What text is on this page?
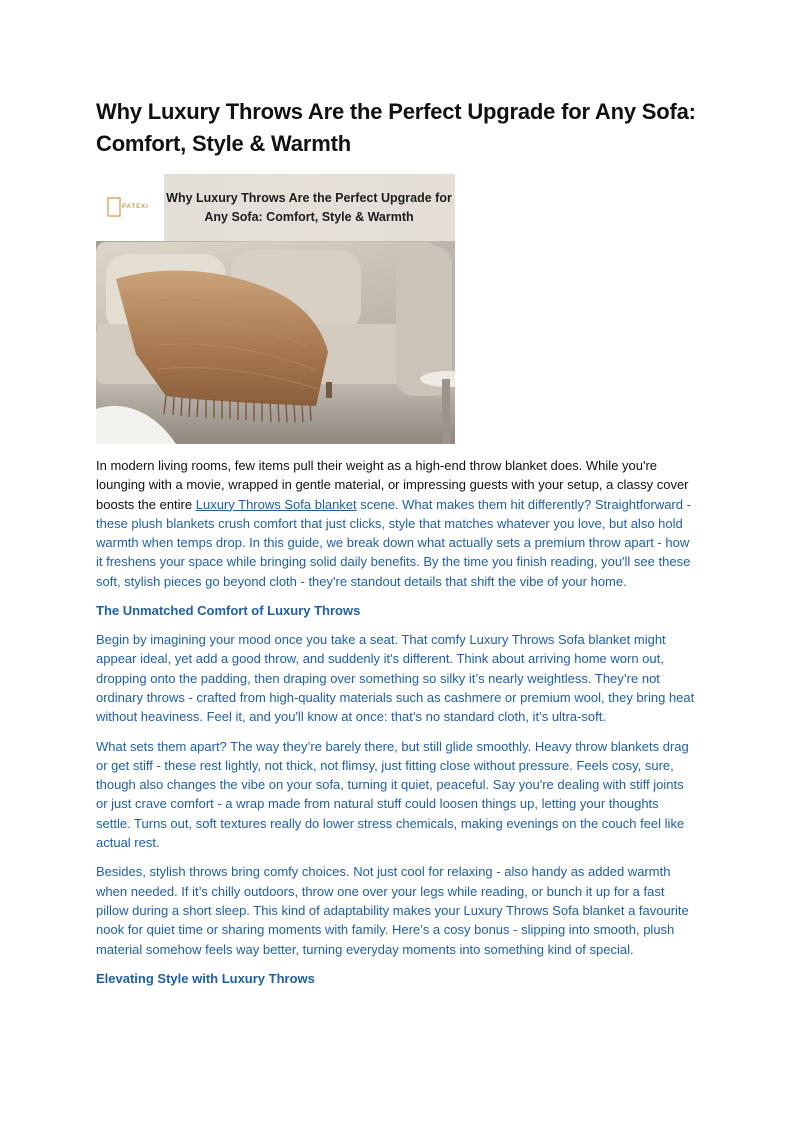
Why Luxury Throws Are the Perfect Upgrade for Any Sofa: Comfort, Style & Warmth
PATEXI
Why Luxury Throws Are the Perfect Upgrade for Any Sofa: Comfort, Style & Warmth

In modern living rooms, few items pull their weight as a high-end throw blanket does. While you're lounging with a movie, wrapped in gentle material, or impressing guests with your setup, a classy cover boosts the entire Luxury Throws Sofa blanket scene. What makes them hit differently? Straightforward - these plush blankets crush comfort that just clicks, style that matches whatever you love, but also hold warmth when temps drop. In this guide, we break down what actually sets a premium throw apart - how it freshens your space while bringing solid daily benefits. By the time you finish reading, you'll see these soft, stylish pieces go beyond cloth - they're standout details that shift the vibe of your home.

The Unmatched Comfort of Luxury Throws

Begin by imagining your mood once you take a seat. That comfy Luxury Throws Sofa blanket might appear ideal, yet add a good throw, and suddenly it's different. Think about arriving home worn out, dropping onto the padding, then draping over something so silky it’s nearly weightless. They’re not ordinary throws - crafted from high-quality materials such as cashmere or premium wool, they bring heat without heaviness. Feel it, and you'll know at once: that’s no standard cloth, it’s ultra-soft.

What sets them apart? The way they’re barely there, but still glide smoothly. Heavy throw blankets drag or get stiff - these rest lightly, not thick, not flimsy, just fitting close without pressure. Feels cosy, sure, though also changes the vibe on your sofa, turning it quiet, peaceful. Say you're dealing with stiff joints or just crave comfort - a wrap made from natural stuff could loosen things up, letting your thoughts settle. Turns out, soft textures really do lower stress chemicals, making evenings on the couch feel like actual rest.

Besides, stylish throws bring comfy choices. Not just cool for relaxing - also handy as added warmth when needed. If it’s chilly outdoors, throw one over your legs while reading, or bunch it up for a fast pillow during a short sleep. This kind of adaptability makes your Luxury Throws Sofa blanket a favourite nook for quiet time or sharing moments with family. Here’s a cosy bonus - slipping into smooth, plush material somehow feels way better, turning everyday moments into something kind of special.

Elevating Style with Luxury Throws
